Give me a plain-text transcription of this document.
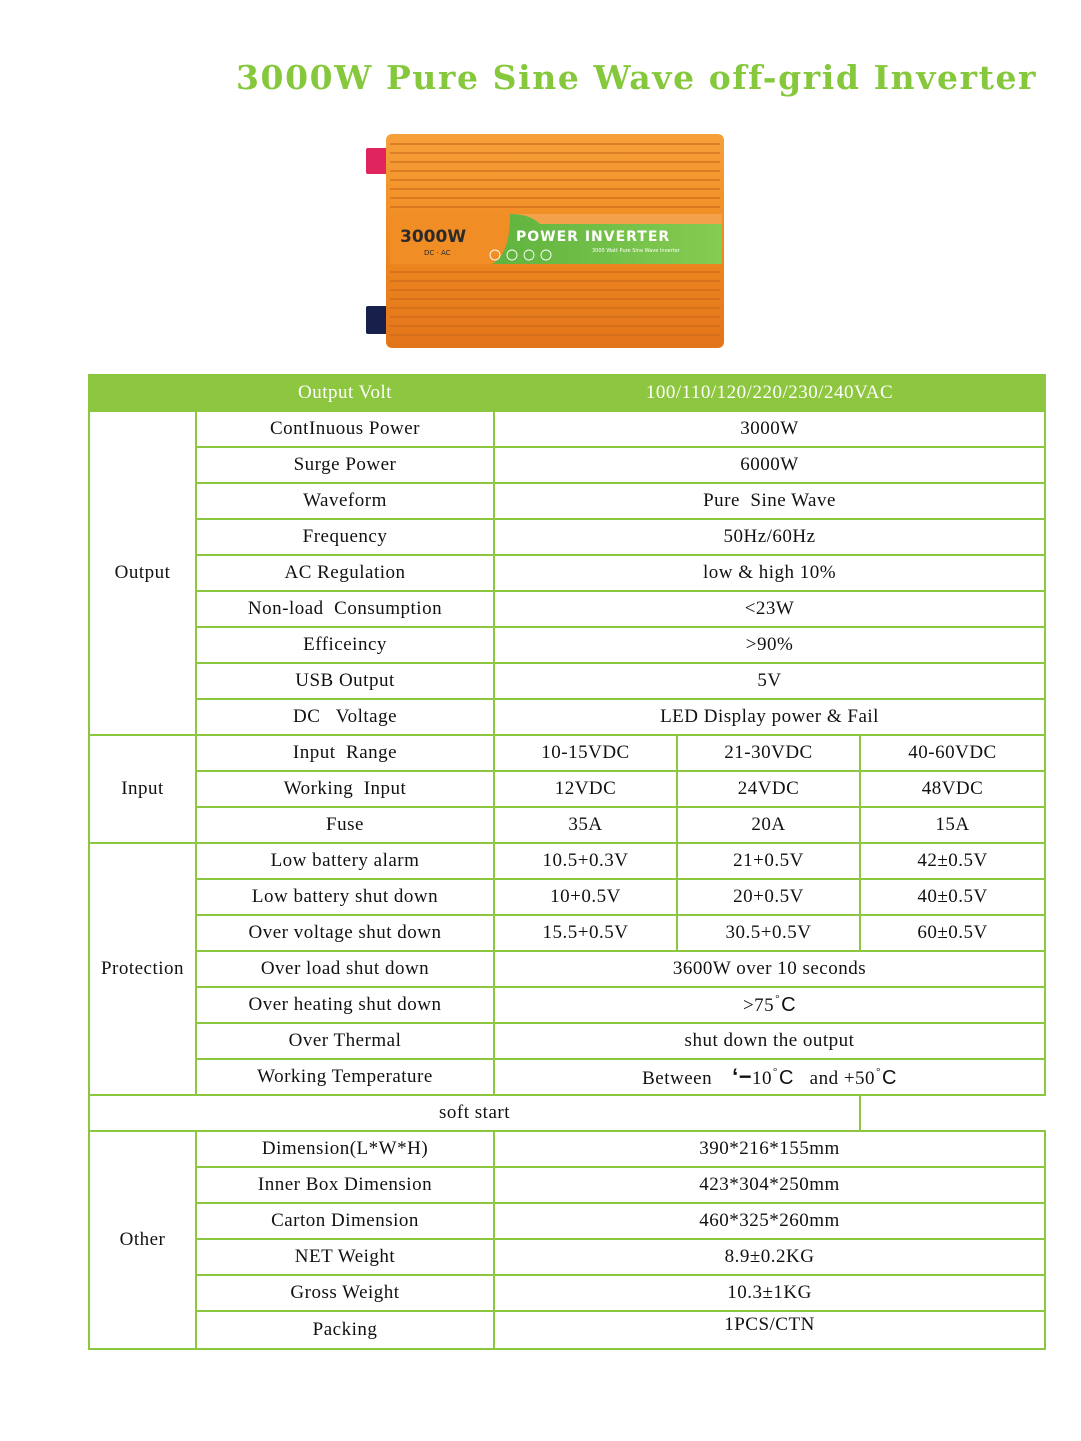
3000W Pure Sine Wave off-grid Inverter
3000W
DC · AC
POWER INVERTER
3000 Watt Pure Sine Wave Inverter
	Output Volt	100/110/120/220/230/240VAC		
Output	ContInuous Power	3000W		
	Surge Power	6000W		
	Waveform	Pure  Sine Wave		
	Frequency	50Hz/60Hz		
	AC Regulation	low & high 10%		
	Non-load  Consumption	<23W		
	Efficeincy	>90%		
	USB Output	5V		
	DC   Voltage	LED Display power & Fail		
Input	Input  Range	10-15VDC	21-30VDC	40-60VDC
	Working  Input	12VDC	24VDC	48VDC
	Fuse	35A	20A	15A
Protection	Low battery alarm	10.5+0.3V	21+0.5V	42±0.5V
	Low battery shut down	10+0.5V	20+0.5V	40±0.5V
	Over voltage shut down	15.5+0.5V	30.5+0.5V	60±0.5V
	Over load shut down	3600W over 10 seconds		
	Over heating shut down	>75°C		
	Over Thermal	shut down the output		
	Working Temperature	Between ‘−10°C and +50°C		
soft start				
Other	Dimension(L*W*H)	390*216*155mm		
	Inner Box Dimension	423*304*250mm		
	Carton Dimension	460*325*260mm		
	NET Weight	8.9±0.2KG		
	Gross Weight	10.3±1KG		
	Packing	1PCS/CTN		
